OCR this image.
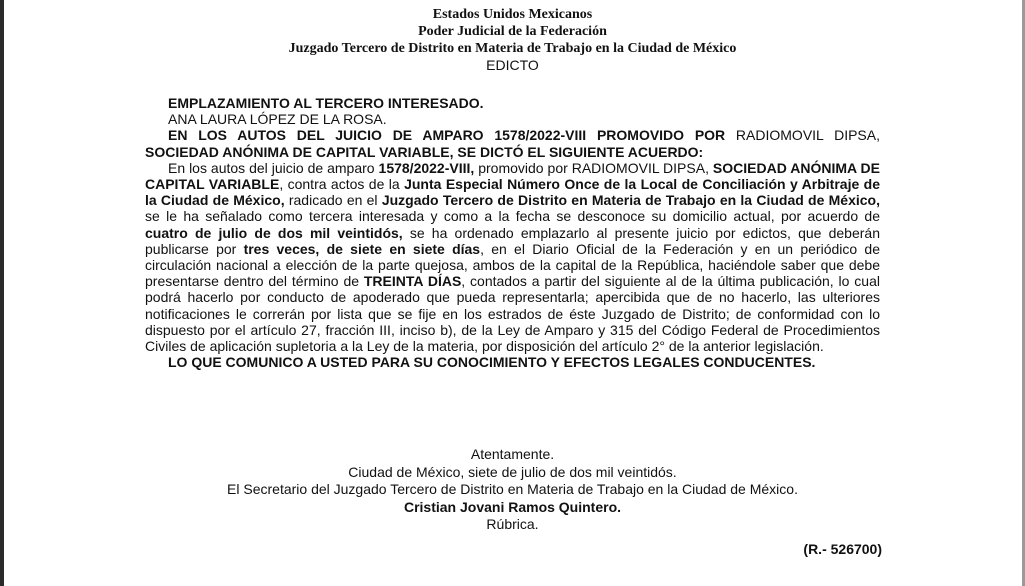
Estados Unidos Mexicanos
Poder Judicial de la Federación
Juzgado Tercero de Distrito en Materia de Trabajo en la Ciudad de México
EDICTO

EMPLAZAMIENTO AL TERCERO INTERESADO.

ANA LAURA LÓPEZ DE LA ROSA.

EN LOS AUTOS DEL JUICIO DE AMPARO 1578/2022-VIII PROMOVIDO POR RADIOMOVIL DIPSA, SOCIEDAD ANÓNIMA DE CAPITAL VARIABLE, SE DICTÓ EL SIGUIENTE ACUERDO:

En los autos del juicio de amparo 1578/2022-VIII, promovido por RADIOMOVIL DIPSA, SOCIEDAD ANÓNIMA DE CAPITAL VARIABLE, contra actos de la Junta Especial Número Once de la Local de Conciliación y Arbitraje de la Ciudad de México, radicado en el Juzgado Tercero de Distrito en Materia de Trabajo en la Ciudad de México, se le ha señalado como tercera interesada y como a la fecha se desconoce su domicilio actual, por acuerdo de cuatro de julio de dos mil veintidós, se ha ordenado emplazarlo al presente juicio por edictos, que deberán publicarse por tres veces, de siete en siete días, en el Diario Oficial de la Federación y en un periódico de circulación nacional a elección de la parte quejosa, ambos de la capital de la República, haciéndole saber que debe presentarse dentro del término de TREINTA DÍAS, contados a partir del siguiente al de la última publicación, lo cual podrá hacerlo por conducto de apoderado que pueda representarla; apercibida que de no hacerlo, las ulteriores notificaciones le correrán por lista que se fije en los estrados de éste Juzgado de Distrito; de conformidad con lo dispuesto por el artículo 27, fracción III, inciso b), de la Ley de Amparo y 315 del Código Federal de Procedimientos Civiles de aplicación supletoria a la Ley de la materia, por disposición del artículo 2° de la anterior legislación.

LO QUE COMUNICO A USTED PARA SU CONOCIMIENTO Y EFECTOS LEGALES CONDUCENTES.

Atentamente.
Ciudad de México, siete de julio de dos mil veintidós.
El Secretario del Juzgado Tercero de Distrito en Materia de Trabajo en la Ciudad de México.
Cristian Jovani Ramos Quintero.
Rúbrica.
(R.- 526700)
